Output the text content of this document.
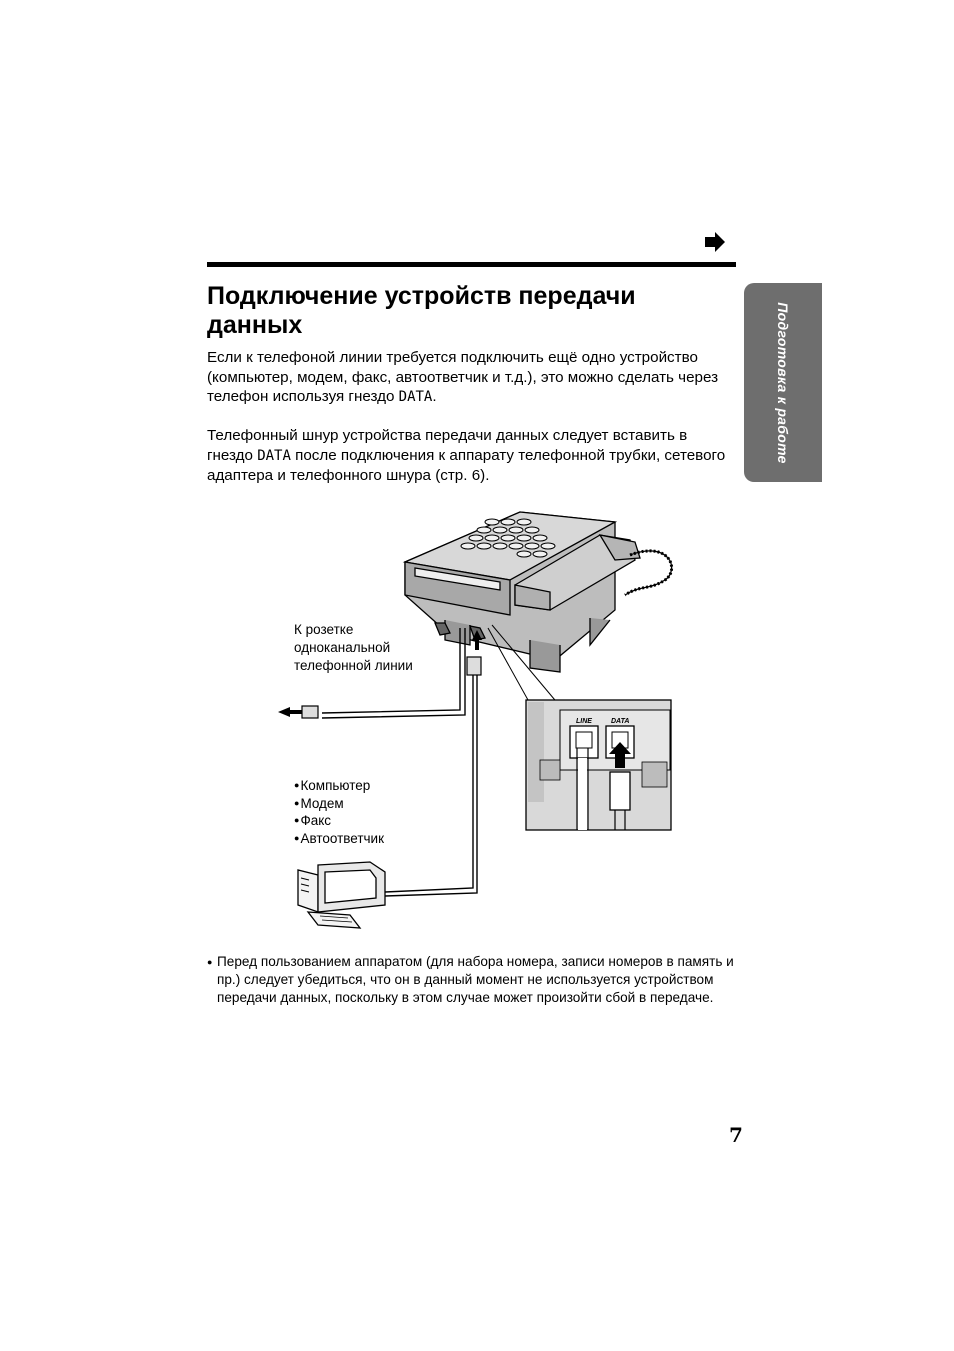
Подключение устройств передачи данных

Если к телефоной линии требуется подключить ещё одно устройство (компьютер, модем, факс, автоответчик и т.д.), это можно сделать через телефон используя гнездо DATA.

Телефонный шнур устройства передачи данных следует вставить в гнездо DATA после подключения к аппарату телефонной трубки, сетевого адаптера и телефонного шнура (стр. 6).

Подготовка к работе
LINE	DATA

К розетке одноканальной телефонной линии

● Компьютер
● Модем
● Факс
● Автоответчик
● Перед пользованием аппаратом (для набора номера, записи номеров в память и пр.) следует убедиться, что он в данный момент не используется устройством передачи данных, поскольку в этом случае может произойти сбой в передаче.

7
